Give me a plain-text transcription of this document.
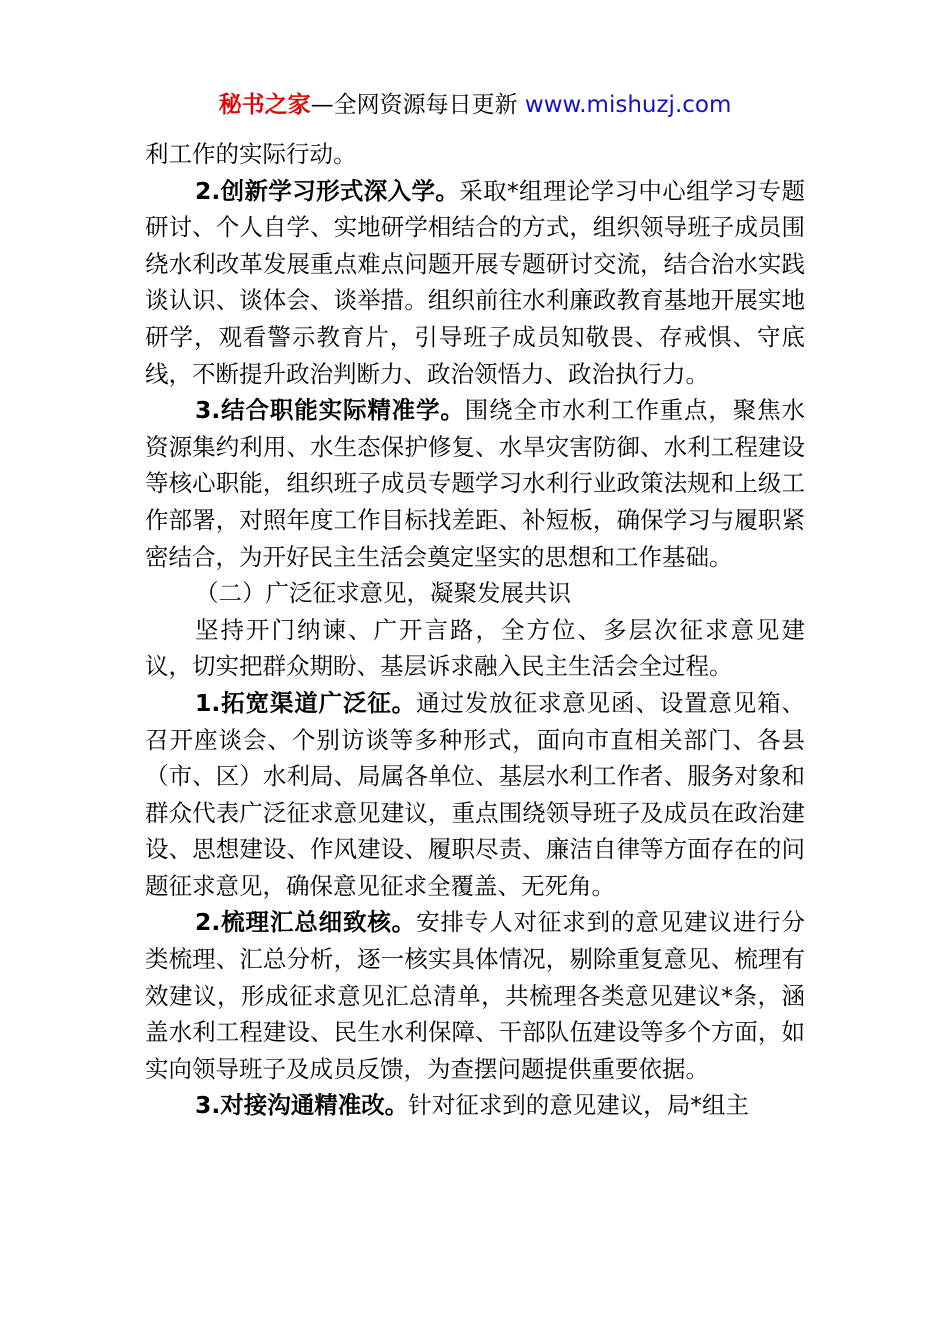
秘书之家—全网资源每日更新 www.mishuzj.com

利工作的实际行动。

2.创新学习形式深入学。采取*组理论学习中心组学习专题研讨、个人自学、实地研学相结合的方式，组织领导班子成员围绕水利改革发展重点难点问题开展专题研讨交流，结合治水实践谈认识、谈体会、谈举措。组织前往水利廉政教育基地开展实地研学，观看警示教育片，引导班子成员知敬畏、存戒惧、守底线，不断提升政治判断力、政治领悟力、政治执行力。

3.结合职能实际精准学。围绕全市水利工作重点，聚焦水资源集约利用、水生态保护修复、水旱灾害防御、水利工程建设等核心职能，组织班子成员专题学习水利行业政策法规和上级工作部署，对照年度工作目标找差距、补短板，确保学习与履职紧密结合，为开好民主生活会奠定坚实的思想和工作基础。

（二）广泛征求意见，凝聚发展共识

坚持开门纳谏、广开言路，全方位、多层次征求意见建议，切实把群众期盼、基层诉求融入民主生活会全过程。

1.拓宽渠道广泛征。通过发放征求意见函、设置意见箱、召开座谈会、个别访谈等多种形式，面向市直相关部门、各县（市、区）水利局、局属各单位、基层水利工作者、服务对象和群众代表广泛征求意见建议，重点围绕领导班子及成员在政治建设、思想建设、作风建设、履职尽责、廉洁自律等方面存在的问题征求意见，确保意见征求全覆盖、无死角。

2.梳理汇总细致核。安排专人对征求到的意见建议进行分类梳理、汇总分析，逐一核实具体情况，剔除重复意见、梳理有效建议，形成征求意见汇总清单，共梳理各类意见建议*条，涵盖水利工程建设、民生水利保障、干部队伍建设等多个方面，如实向领导班子及成员反馈，为查摆问题提供重要依据。

3.对接沟通精准改。针对征求到的意见建议，局*组主
